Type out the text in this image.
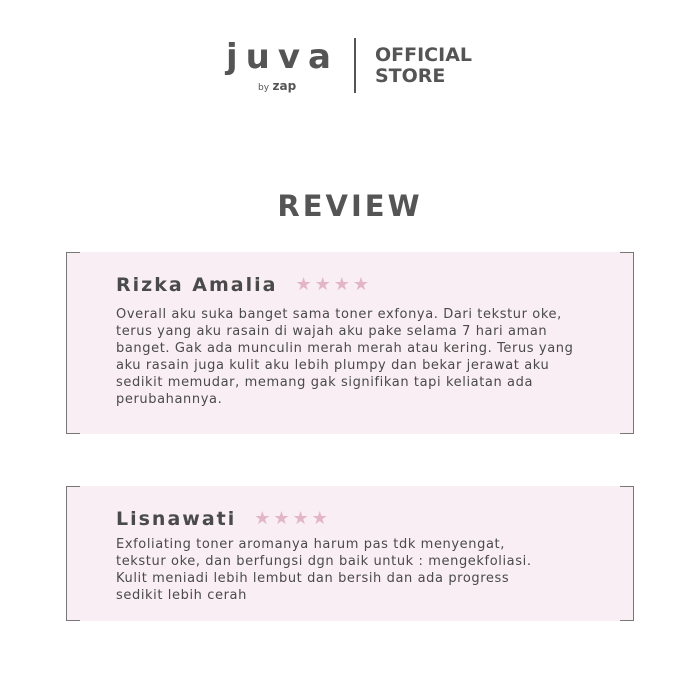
juva
by zap
OFFICIAL
STORE
REVIEW
Rizka Amalia ★ ★ ★ ★
Overall aku suka banget sama toner exfonya. Dari tekstur oke,
terus yang aku rasain di wajah aku pake selama 7 hari aman
banget. Gak ada munculin merah merah atau kering. Terus yang
aku rasain juga kulit aku lebih plumpy dan bekar jerawat aku
sedikit memudar, memang gak signifikan tapi keliatan ada
perubahannya.
Lisnawati ★ ★ ★ ★
Exfoliating toner aromanya harum pas tdk menyengat,
tekstur oke, dan berfungsi dgn baik untuk : mengekfoliasi.
Kulit meniadi lebih lembut dan bersih dan ada progress
sedikit lebih cerah
